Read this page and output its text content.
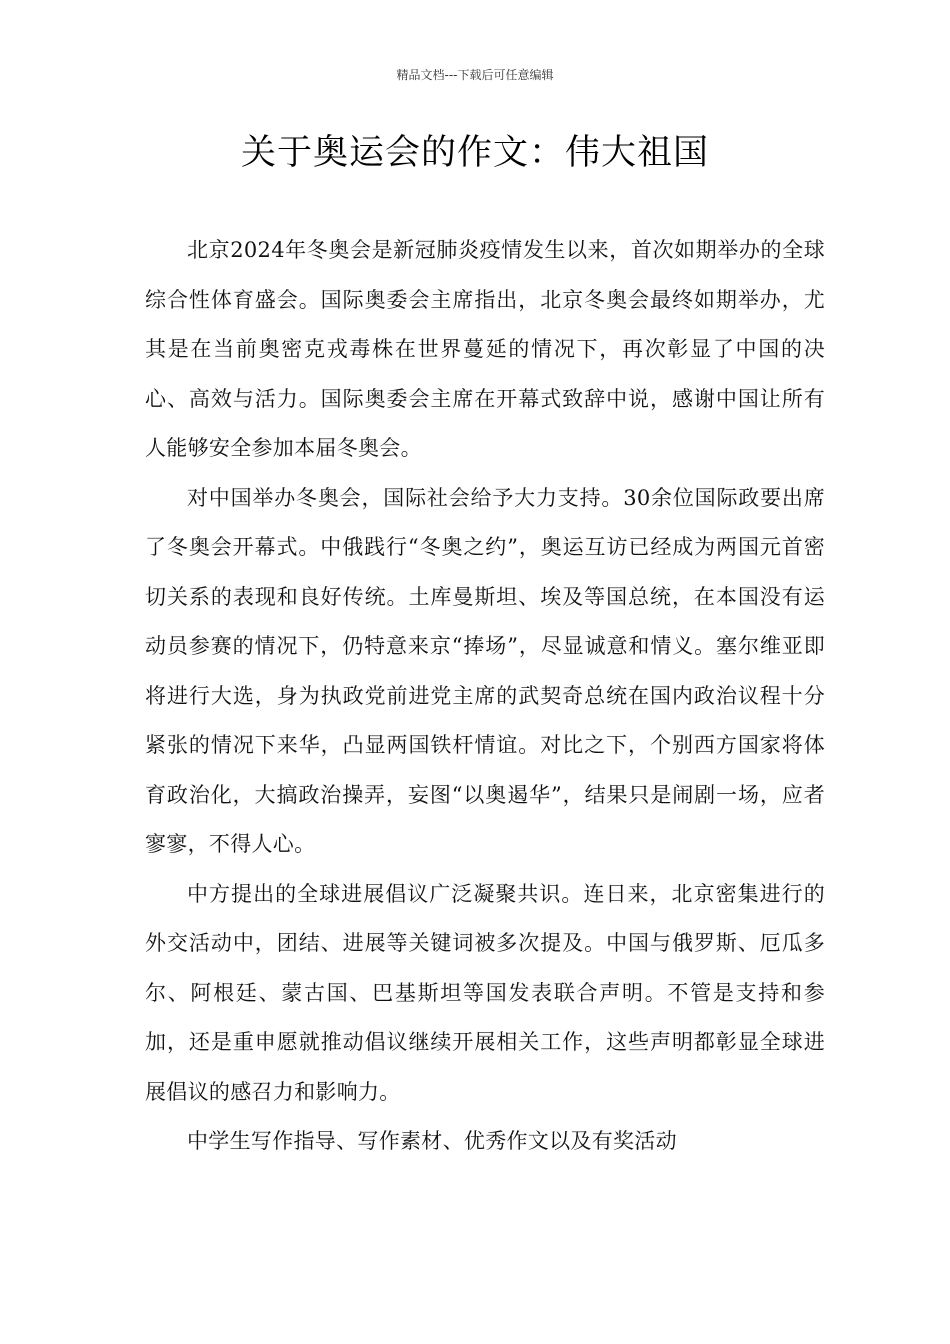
精品文档---下载后可任意编辑
关于奥运会的作文：伟大祖国

北京2024年冬奥会是新冠肺炎疫情发生以来，首次如期举办的全球综合性体育盛会。国际奥委会主席指出，北京冬奥会最终如期举办，尤其是在当前奥密克戎毒株在世界蔓延的情况下，再次彰显了中国的决心、高效与活力。国际奥委会主席在开幕式致辞中说，感谢中国让所有人能够安全参加本届冬奥会。

对中国举办冬奥会，国际社会给予大力支持。30余位国际政要出席了冬奥会开幕式。中俄践行“冬奥之约”，奥运互访已经成为两国元首密切关系的表现和良好传统。土库曼斯坦、埃及等国总统，在本国没有运动员参赛的情况下，仍特意来京“捧场”，尽显诚意和情义。塞尔维亚即将进行大选，身为执政党前进党主席的武契奇总统在国内政治议程十分紧张的情况下来华，凸显两国铁杆情谊。对比之下，个别西方国家将体育政治化，大搞政治操弄，妄图“以奥遏华”，结果只是闹剧一场，应者寥寥，不得人心。

中方提出的全球进展倡议广泛凝聚共识。连日来，北京密集进行的外交活动中，团结、进展等关键词被多次提及。中国与俄罗斯、厄瓜多尔、阿根廷、蒙古国、巴基斯坦等国发表联合声明。不管是支持和参加，还是重申愿就推动倡议继续开展相关工作，这些声明都彰显全球进展倡议的感召力和影响力。

中学生写作指导、写作素材、优秀作文以及有奖活动
